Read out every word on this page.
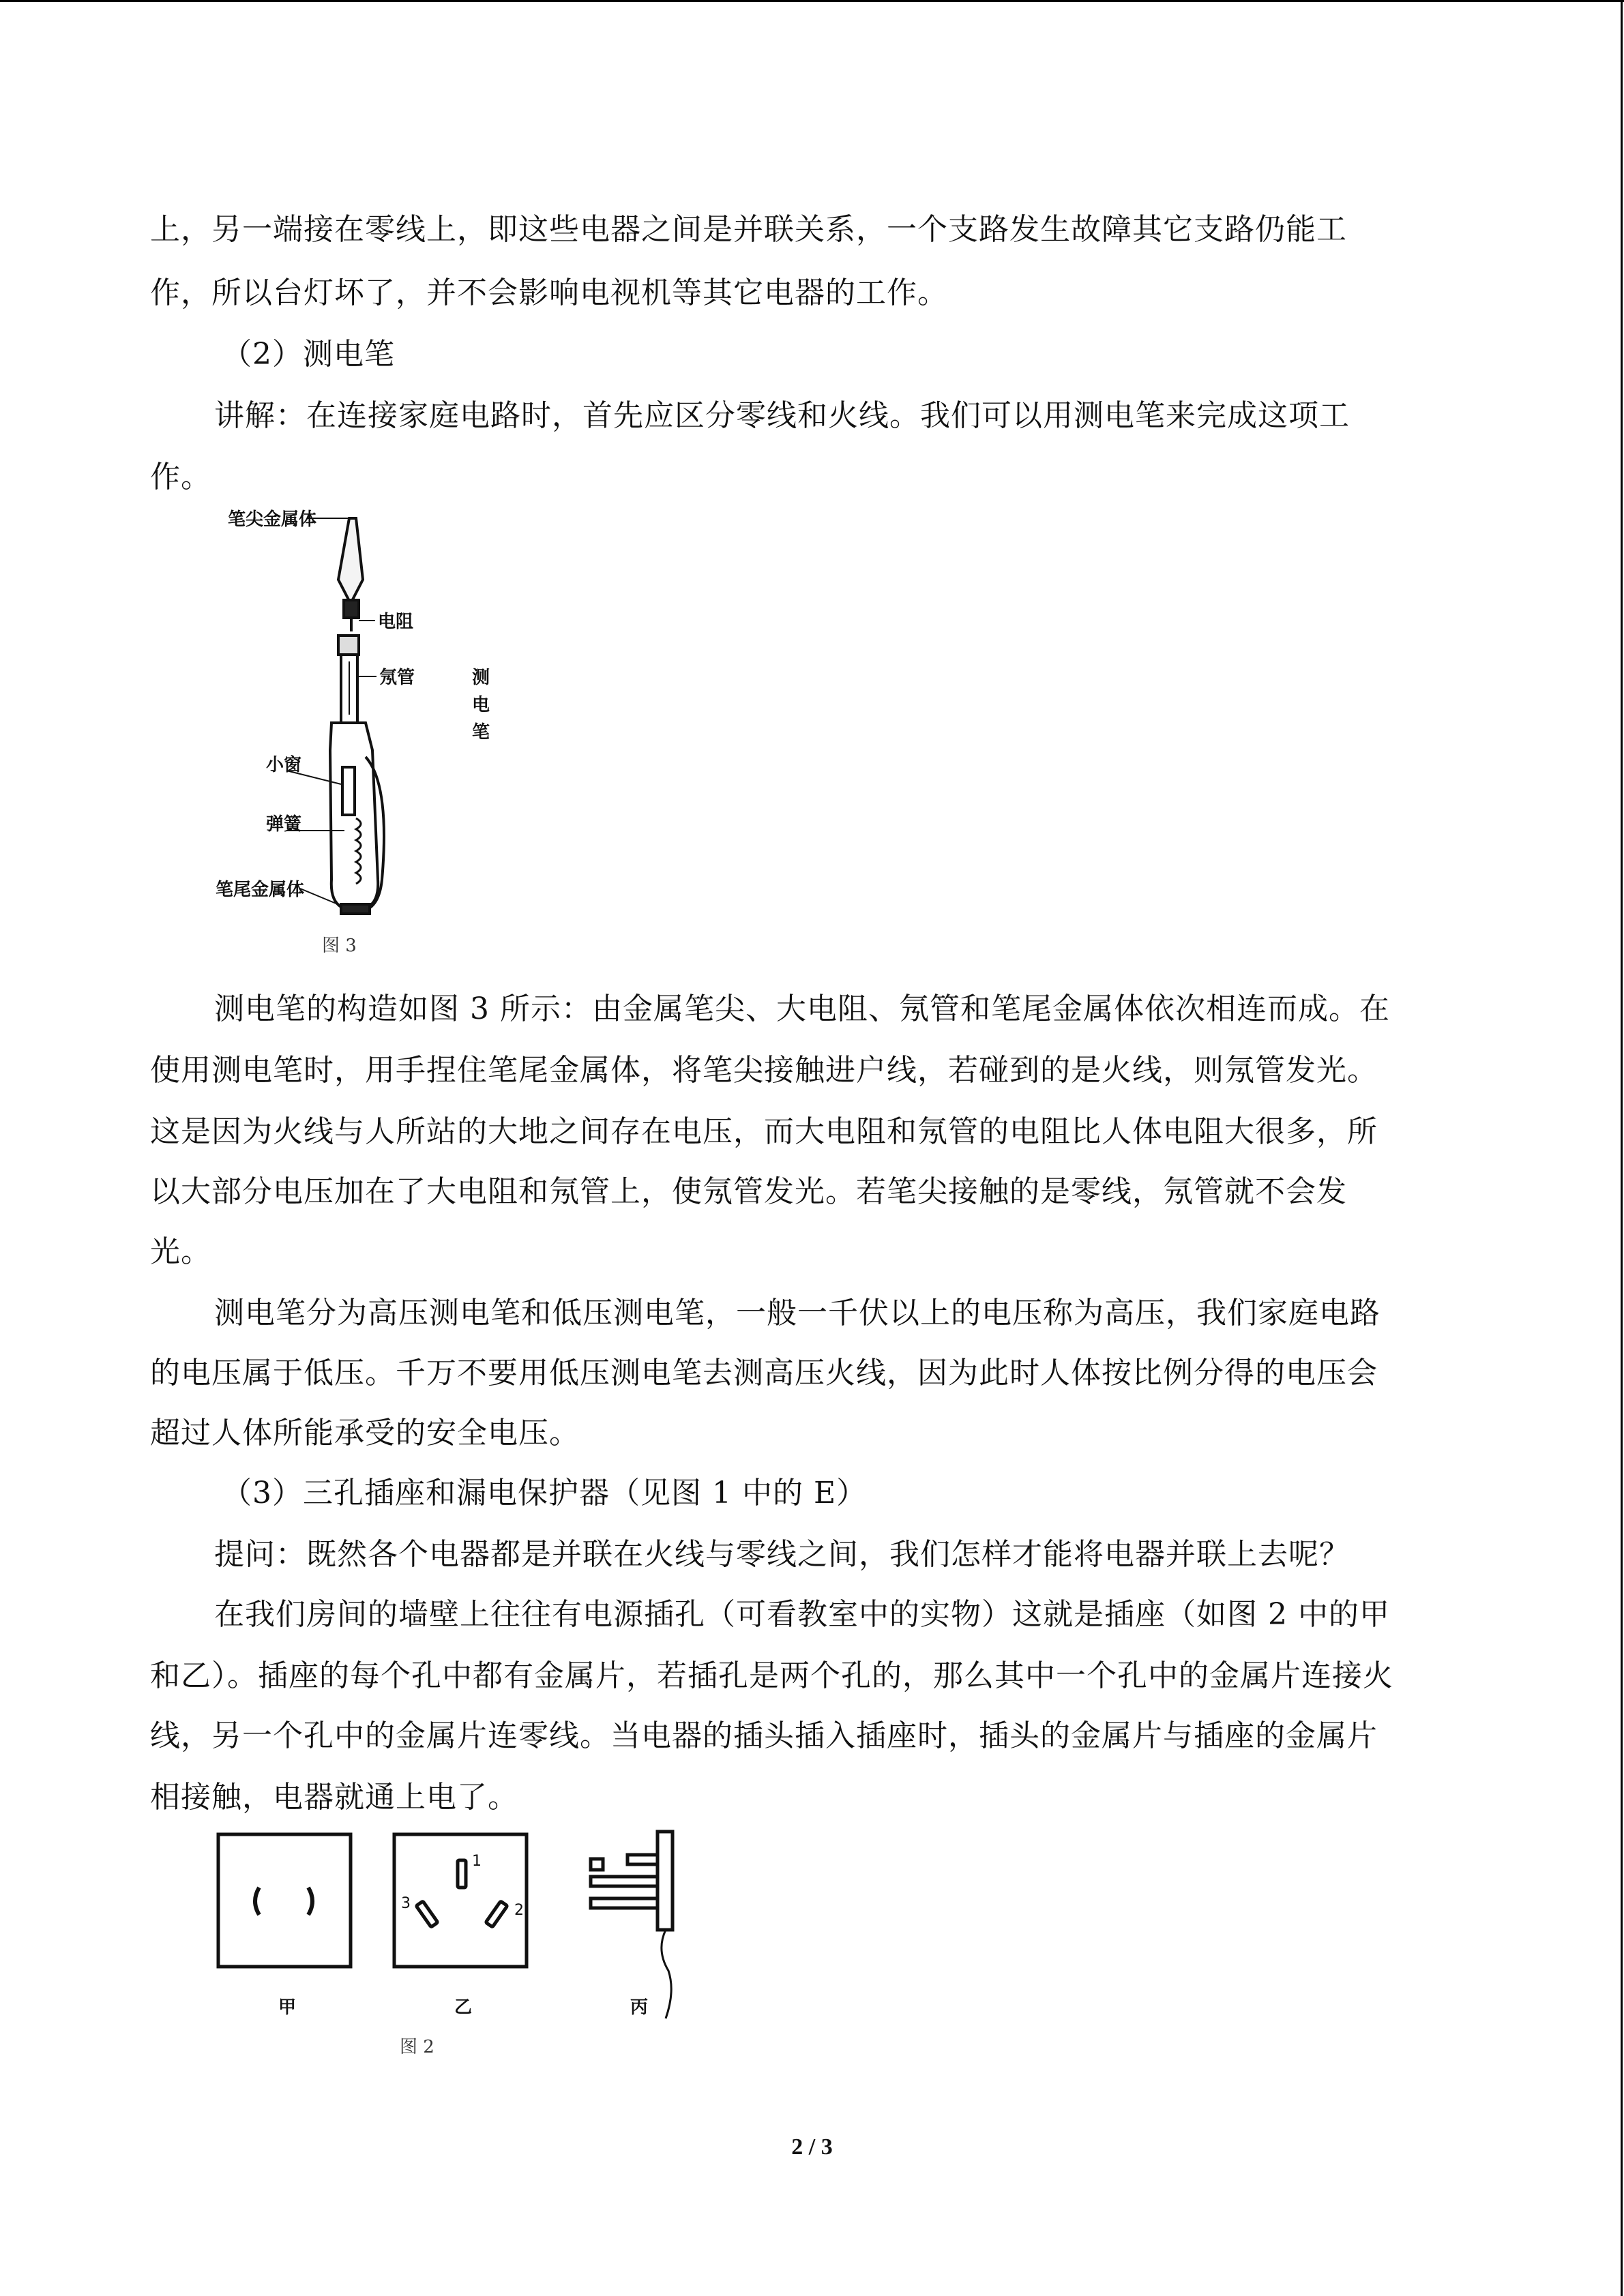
上，另一端接在零线上，即这些电器之间是并联关系，一个支路发生故障其它支路仍能工
作，所以台灯坏了，并不会影响电视机等其它电器的工作。
（2）测电笔
讲解：在连接家庭电路时，首先应区分零线和火线。我们可以用测电笔来完成这项工
作。
笔尖金属体
电阻
氖管	测
电
笔
小窗
弹簧
笔尾金属体
图 3
测电笔的构造如图 3 所示：由金属笔尖、大电阻、氖管和笔尾金属体依次相连而成。在
使用测电笔时，用手捏住笔尾金属体，将笔尖接触进户线，若碰到的是火线，则氖管发光。
这是因为火线与人所站的大地之间存在电压，而大电阻和氖管的电阻比人体电阻大很多，所
以大部分电压加在了大电阻和氖管上，使氖管发光。若笔尖接触的是零线，氖管就不会发
光。
测电笔分为高压测电笔和低压测电笔，一般一千伏以上的电压称为高压，我们家庭电路
的电压属于低压。千万不要用低压测电笔去测高压火线，因为此时人体按比例分得的电压会
超过人体所能承受的安全电压。
（3）三孔插座和漏电保护器（见图 1 中的 E）
提问：既然各个电器都是并联在火线与零线之间，我们怎样才能将电器并联上去呢？
在我们房间的墙壁上往往有电源插孔（可看教室中的实物）这就是插座（如图 2 中的甲
和乙）。插座的每个孔中都有金属片，若插孔是两个孔的，那么其中一个孔中的金属片连接火
线，另一个孔中的金属片连零线。当电器的插头插入插座时，插头的金属片与插座的金属片
相接触，电器就通上电了。
1
2
3
甲	乙	丙
图 2
2 / 3
